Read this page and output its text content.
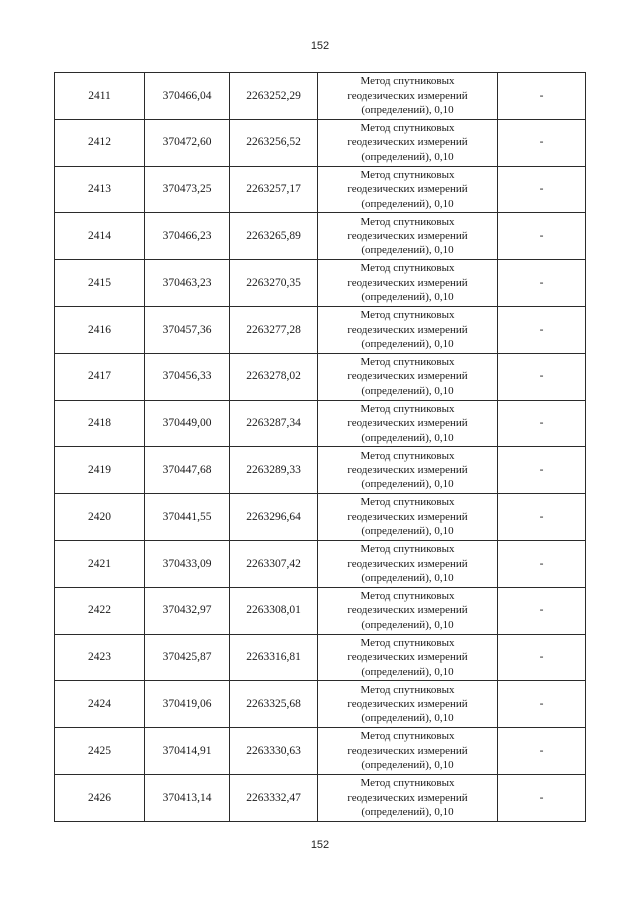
152
2411	370466,04	2263252,29	Метод спутниковых
геодезических измерений
(определений), 0,10	-
2412	370472,60	2263256,52	Метод спутниковых
геодезических измерений
(определений), 0,10	-
2413	370473,25	2263257,17	Метод спутниковых
геодезических измерений
(определений), 0,10	-
2414	370466,23	2263265,89	Метод спутниковых
геодезических измерений
(определений), 0,10	-
2415	370463,23	2263270,35	Метод спутниковых
геодезических измерений
(определений), 0,10	-
2416	370457,36	2263277,28	Метод спутниковых
геодезических измерений
(определений), 0,10	-
2417	370456,33	2263278,02	Метод спутниковых
геодезических измерений
(определений), 0,10	-
2418	370449,00	2263287,34	Метод спутниковых
геодезических измерений
(определений), 0,10	-
2419	370447,68	2263289,33	Метод спутниковых
геодезических измерений
(определений), 0,10	-
2420	370441,55	2263296,64	Метод спутниковых
геодезических измерений
(определений), 0,10	-
2421	370433,09	2263307,42	Метод спутниковых
геодезических измерений
(определений), 0,10	-
2422	370432,97	2263308,01	Метод спутниковых
геодезических измерений
(определений), 0,10	-
2423	370425,87	2263316,81	Метод спутниковых
геодезических измерений
(определений), 0,10	-
2424	370419,06	2263325,68	Метод спутниковых
геодезических измерений
(определений), 0,10	-
2425	370414,91	2263330,63	Метод спутниковых
геодезических измерений
(определений), 0,10	-
2426	370413,14	2263332,47	Метод спутниковых
геодезических измерений
(определений), 0,10	-
152
